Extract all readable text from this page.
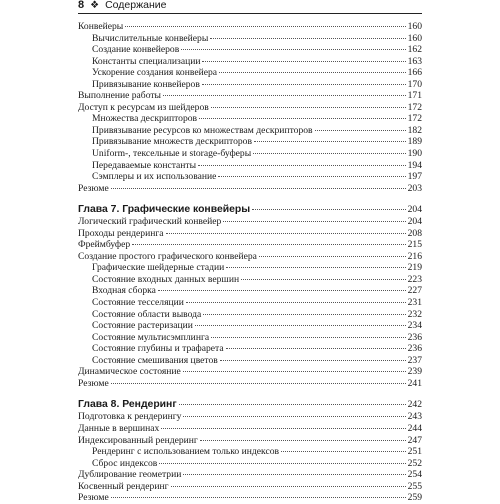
8 ❖ Содержание
Конвейеры	160
Вычислительные конвейеры	160
Создание конвейеров	162
Константы специализации	163
Ускорение создания конвейера	166
Привязывание конвейеров	170
Выполнение работы	171
Доступ к ресурсам из шейдеров	172
Множества дескрипторов	172
Привязывание ресурсов ко множествам дескрипторов	182
Привязывание множеств дескрипторов	189
Uniform-, тексельные и storage-буферы	190
Передаваемые константы	194
Сэмплеры и их использование	197
Резюме	203
Глава 7. Графические конвейеры	204
Логический графический конвейер	204
Проходы рендеринга	208
Фреймбуфер	215
Создание простого графического конвейера	216
Графические шейдерные стадии	219
Состояние входных данных вершин	223
Входная сборка	227
Состояние тесселяции	231
Состояние области вывода	232
Состояние растеризации	234
Состояние мультисэмплинга	236
Состояние глубины и трафарета	236
Состояние смешивания цветов	237
Динамическое состояние	239
Резюме	241
Глава 8. Рендеринг	242
Подготовка к рендерингу	243
Данные в вершинах	244
Индексированный рендеринг	247
Рендеринг с использованием только индексов	251
Сброс индексов	252
Дублирование геометрии	254
Косвенный рендеринг	255
Резюме	259
